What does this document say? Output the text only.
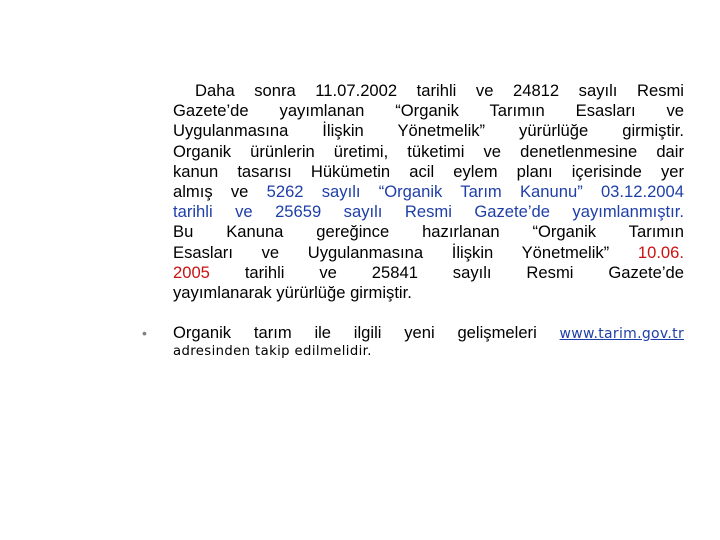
Daha sonra 11.07.2002 tarihli ve 24812 sayılı Resmi
Gazete’de yayımlanan “Organik Tarımın Esasları ve
Uygulanmasına İlişkin Yönetmelik” yürürlüğe girmiştir.
Organik ürünlerin üretimi, tüketimi ve denetlenmesine dair
kanun tasarısı Hükümetin acil eylem planı içerisinde yer
almış ve 5262 sayılı “Organik Tarım Kanunu” 03.12.2004
tarihli ve 25659 sayılı Resmi Gazete’de yayımlanmıştır.
Bu Kanuna gereğince hazırlanan “Organik Tarımın
Esasları ve Uygulanmasına İlişkin Yönetmelik” 10.06.
2005 tarihli ve 25841 sayılı Resmi Gazete’de
yayımlanarak yürürlüğe girmiştir.
• Organik tarım ile ilgili yeni gelişmeleri www.tarim.gov.tr
adresinden takip edilmelidir.
